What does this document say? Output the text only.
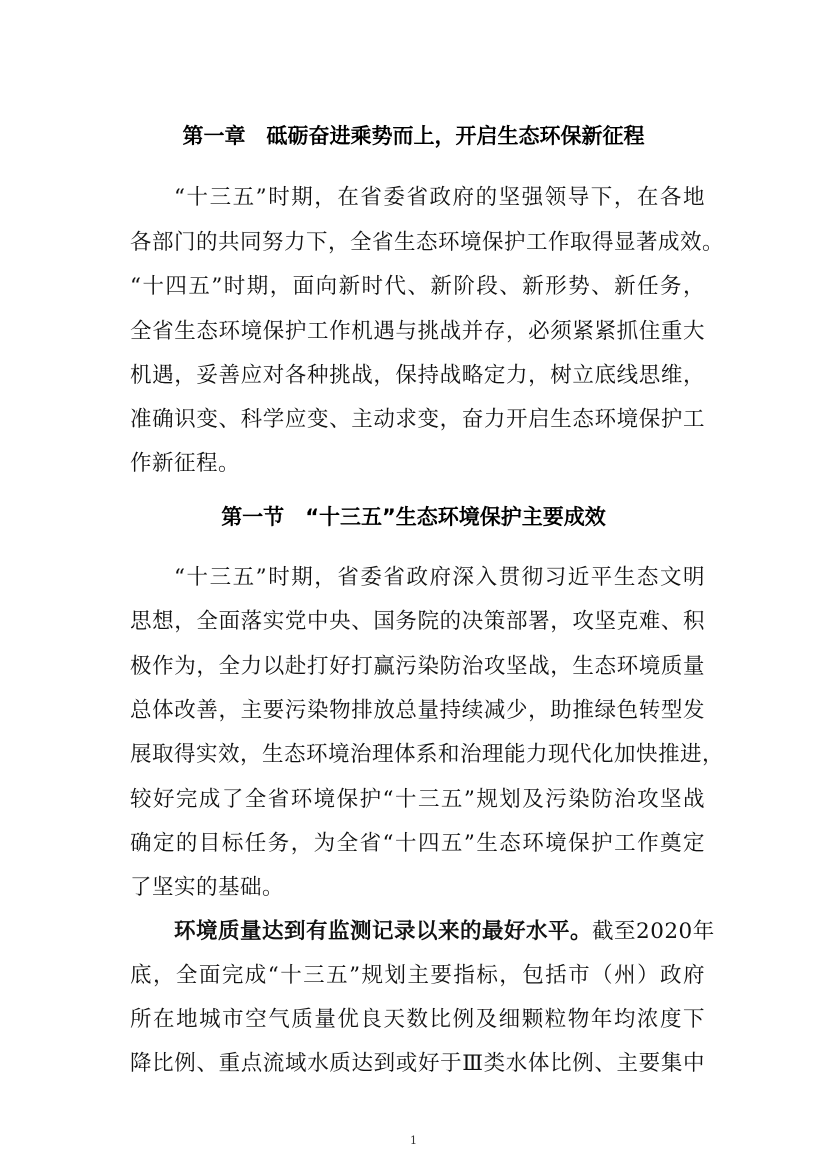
第一章 砥砺奋进乘势而上，开启生态环保新征程
“十三五”时期，在省委省政府的坚强领导下，在各地
各部门的共同努力下，全省生态环境保护工作取得显著成效。
“十四五”时期，面向新时代、新阶段、新形势、新任务，
全省生态环境保护工作机遇与挑战并存，必须紧紧抓住重大
机遇，妥善应对各种挑战，保持战略定力，树立底线思维，
准确识变、科学应变、主动求变，奋力开启生态环境保护工
作新征程。
第一节 “十三五”生态环境保护主要成效
“十三五”时期，省委省政府深入贯彻习近平生态文明
思想，全面落实党中央、国务院的决策部署，攻坚克难、积
极作为，全力以赴打好打赢污染防治攻坚战，生态环境质量
总体改善，主要污染物排放总量持续减少，助推绿色转型发
展取得实效，生态环境治理体系和治理能力现代化加快推进，
较好完成了全省环境保护“十三五”规划及污染防治攻坚战
确定的目标任务，为全省“十四五”生态环境保护工作奠定
了坚实的基础。
环境质量达到有监测记录以来的最好水平。截至2020年
底，全面完成“十三五”规划主要指标，包括市（州）政府
所在地城市空气质量优良天数比例及细颗粒物年均浓度下
降比例、重点流域水质达到或好于Ⅲ类水体比例、主要集中
1
